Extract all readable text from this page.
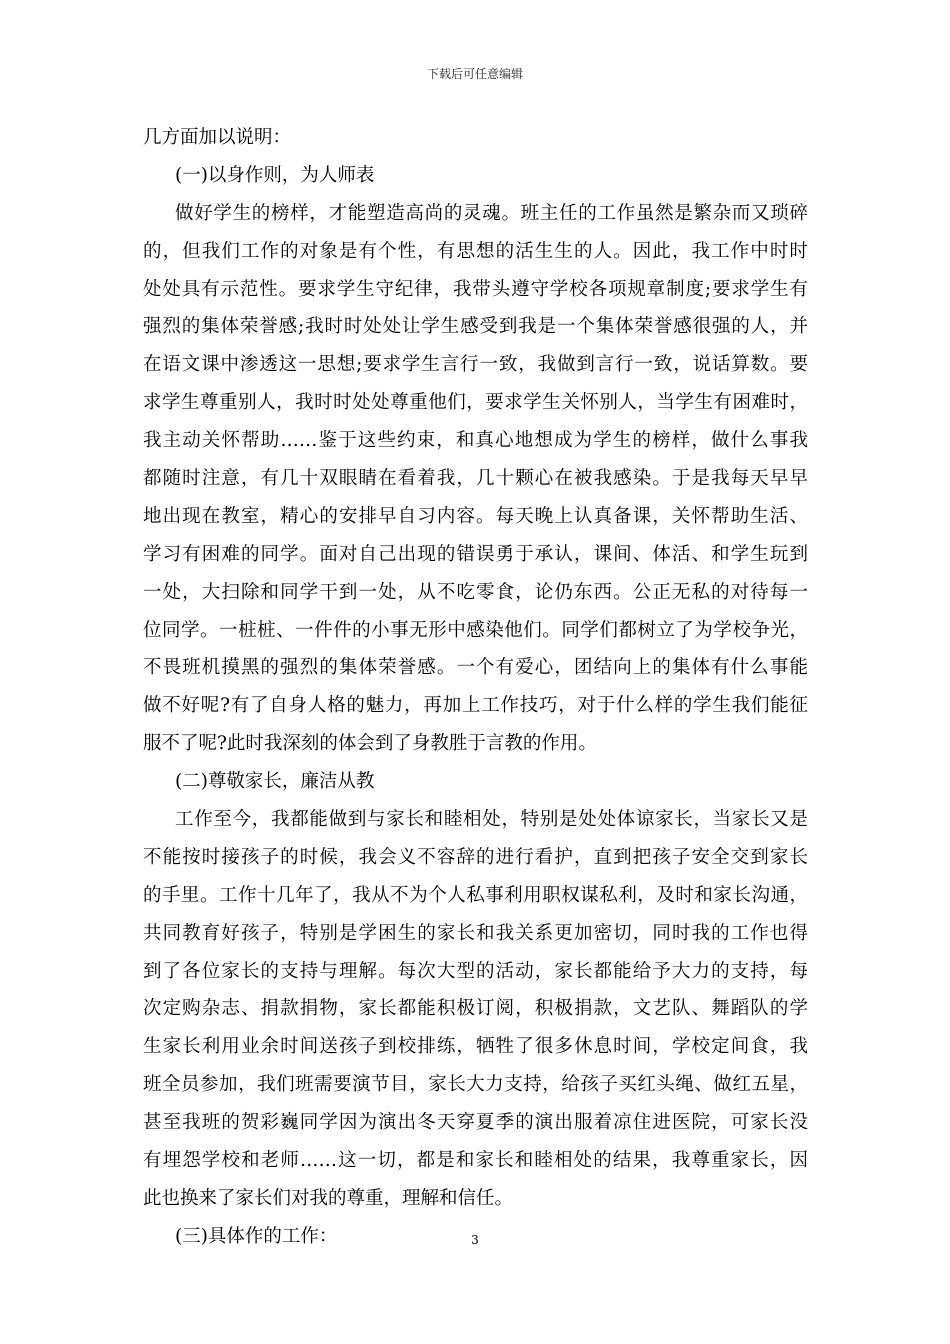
下载后可任意编辑
几方面加以说明：
(一)以身作则，为人师表
做好学生的榜样，才能塑造高尚的灵魂。班主任的工作虽然是繁杂而又琐碎
的，但我们工作的对象是有个性，有思想的活生生的人。因此，我工作中时时
处处具有示范性。要求学生守纪律，我带头遵守学校各项规章制度;要求学生有
强烈的集体荣誉感;我时时处处让学生感受到我是一个集体荣誉感很强的人，并
在语文课中渗透这一思想;要求学生言行一致，我做到言行一致，说话算数。要
求学生尊重别人，我时时处处尊重他们，要求学生关怀别人，当学生有困难时，
我主动关怀帮助……鉴于这些约束，和真心地想成为学生的榜样，做什么事我
都随时注意，有几十双眼睛在看着我，几十颗心在被我感染。于是我每天早早
地出现在教室，精心的安排早自习内容。每天晚上认真备课，关怀帮助生活、
学习有困难的同学。面对自己出现的错误勇于承认，课间、体活、和学生玩到
一处，大扫除和同学干到一处，从不吃零食，论仍东西。公正无私的对待每一
位同学。一桩桩、一件件的小事无形中感染他们。同学们都树立了为学校争光，
不畏班机摸黑的强烈的集体荣誉感。一个有爱心，团结向上的集体有什么事能
做不好呢?有了自身人格的魅力，再加上工作技巧，对于什么样的学生我们能征
服不了呢?此时我深刻的体会到了身教胜于言教的作用。
(二)尊敬家长，廉洁从教
工作至今，我都能做到与家长和睦相处，特别是处处体谅家长，当家长又是
不能按时接孩子的时候，我会义不容辞的进行看护，直到把孩子安全交到家长
的手里。工作十几年了，我从不为个人私事利用职权谋私利，及时和家长沟通，
共同教育好孩子，特别是学困生的家长和我关系更加密切，同时我的工作也得
到了各位家长的支持与理解。每次大型的活动，家长都能给予大力的支持，每
次定购杂志、捐款捐物，家长都能积极订阅，积极捐款，文艺队、舞蹈队的学
生家长利用业余时间送孩子到校排练，牺牲了很多休息时间，学校定间食，我
班全员参加，我们班需要演节目，家长大力支持，给孩子买红头绳、做红五星，
甚至我班的贺彩巍同学因为演出冬天穿夏季的演出服着凉住进医院，可家长没
有埋怨学校和老师……这一切，都是和家长和睦相处的结果，我尊重家长，因
此也换来了家长们对我的尊重，理解和信任。
(三)具体作的工作：	3
